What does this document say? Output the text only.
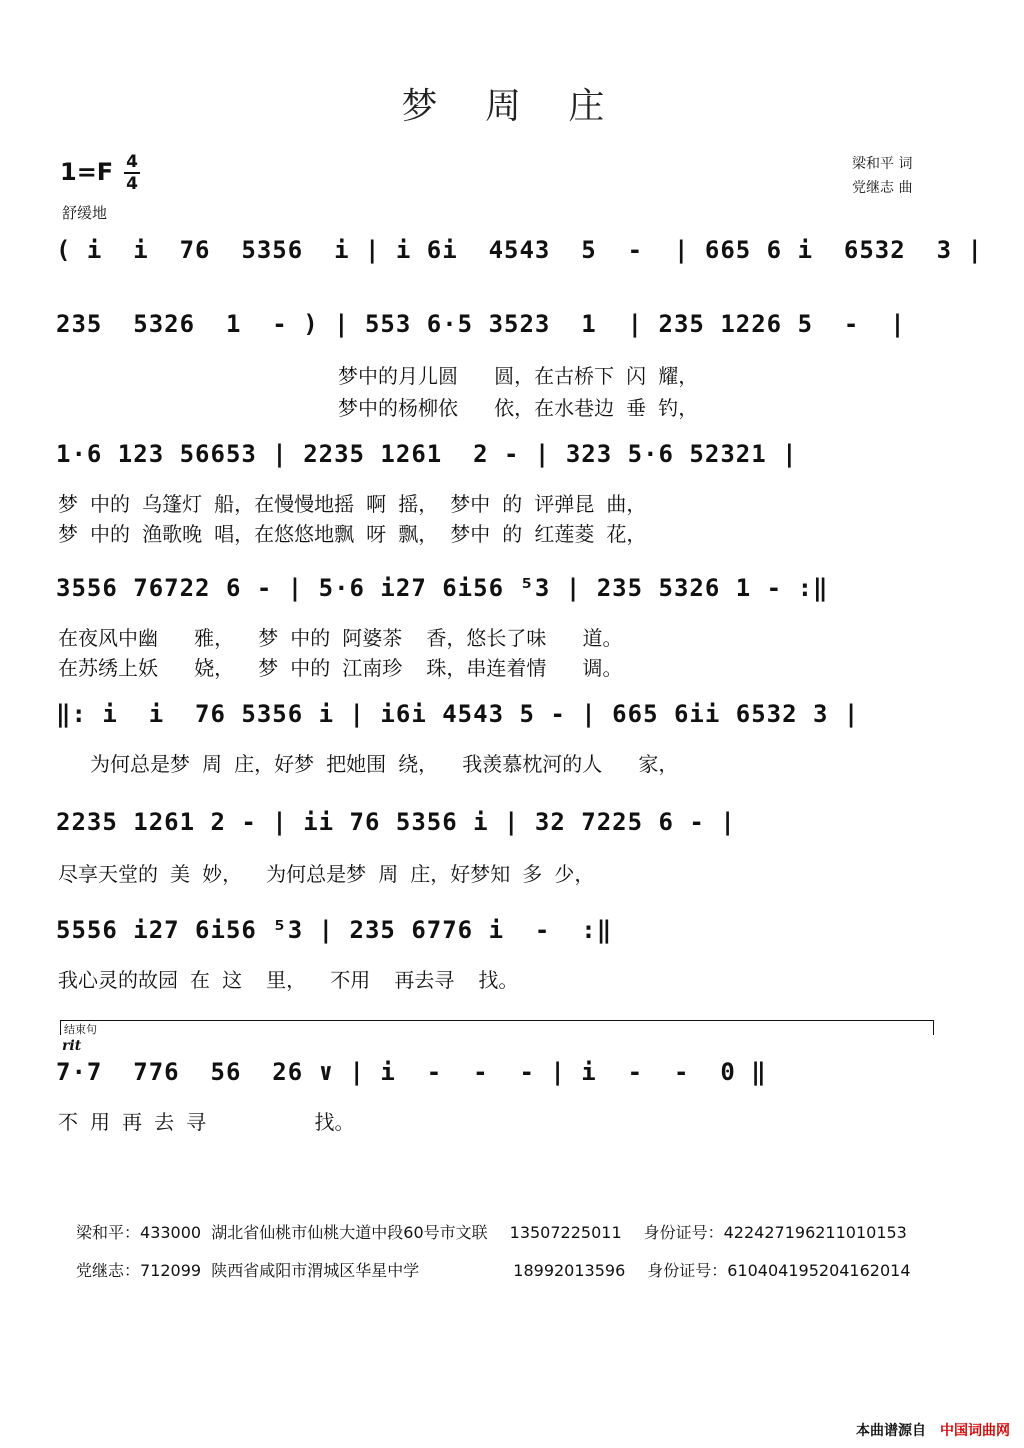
梦 周 庄
1=F 4
4
舒缓地
梁和平 词
党继志 曲
( i  i  76  5356  i | i 6i  4543  5  -  | 665 6 i  6532  3 |
235  5326  1  - ) | 553 6·5 3523  1  | 235 1226 5  -  |
梦中的月儿圆   圆，在古桥下 闪 耀，
梦中的杨柳依   依，在水巷边 垂 钓，
1·6 123 56653 | 2235 1261  2 - | 323 5·6 52321 |
梦 中的 乌篷灯 船，在慢慢地摇 啊 摇， 梦中 的 评弹昆 曲，
梦 中的 渔歌晚 唱，在悠悠地飘 呀 飘， 梦中 的 红莲菱 花，
3556 76722 6 - | 5·6 i27 6i56 ⁵3 | 235 5326 1 - :‖
在夜风中幽   雅，  梦 中的 阿婆茶  香，悠长了味   道。
在苏绣上妖   娆，  梦 中的 江南珍  珠，串连着情   调。
‖: i  i  76 5356 i | i6i 4543 5 - | 665 6ii 6532 3 |
为何总是梦 周 庄，好梦 把她围 绕，  我羡慕枕河的人   家，
2235 1261 2 - | ii 76 5356 i | 32 7225 6 - |
尽享天堂的 美 妙，  为何总是梦 周 庄，好梦知 多 少，
5556 i27 6i56 ⁵3 | 235 6776 i  -  :‖
我心灵的故园 在 这  里，  不用  再去寻  找。
结束句
rit
7·7  776  56  26 ∨ | i  -  -  - | i  -  -  0 ‖
不 用 再 去 寻         找。
梁和平：433000  湖北省仙桃市仙桃大道中段60号市文联 13507225011 身份证号：422427196211010153
党继志：712099  陕西省咸阳市渭城区华星中学	18992013596 身份证号：610404195204162014
本曲谱源自 中国词曲网
